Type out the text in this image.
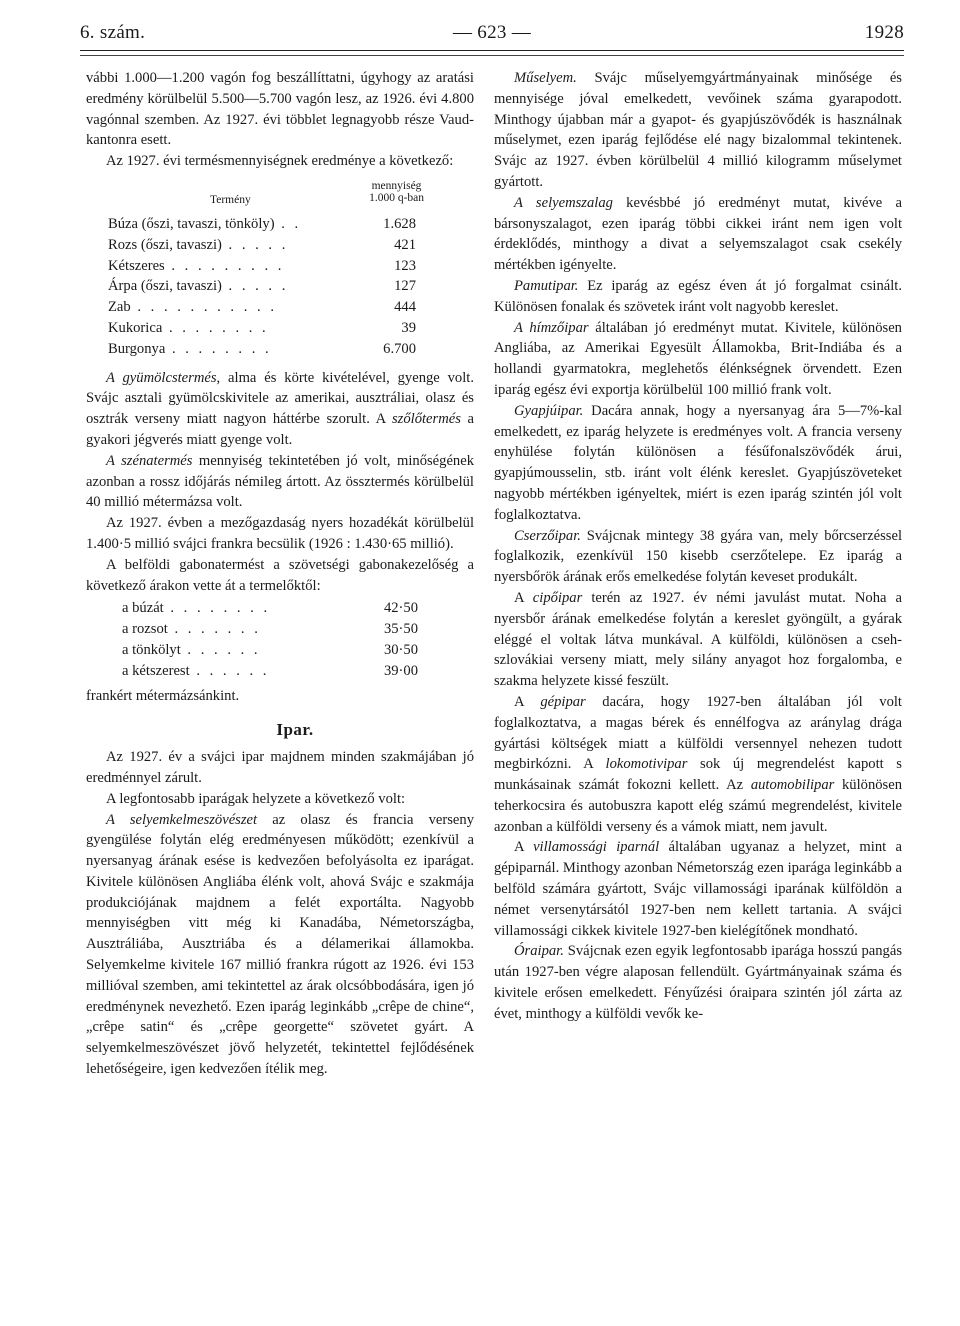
6. szám.	— 623 —	1928

vábbi 1.000—1.200 vagón fog beszállíttatni, úgyhogy az aratási eredmény körülbelül 5.500—5.700 vagón lesz, az 1926. évi 4.800 vagónnal szemben. Az 1927. évi többlet legnagyobb része Vaud-kantonra esett.

Az 1927. évi termésmennyiségnek eredménye a következő:

Termény
mennyiség
1.000 q-ban
Búza (őszi, tavaszi, tönköly) . .	1.628
Rozs (őszi, tavaszi) . . . . .	421
Kétszeres . . . . . . . . .	123
Árpa (őszi, tavaszi) . . . . .	127
Zab . . . . . . . . . . .	444
Kukorica . . . . . . . .	39
Burgonya . . . . . . . .	6.700

A gyümölcstermés, alma és körte kivételével, gyenge volt. Svájc asztali gyümölcskivitele az amerikai, ausztráliai, olasz és osztrák verseny miatt nagyon háttérbe szorult. A szőlőtermés a gyakori jégverés miatt gyenge volt.

A szénatermés mennyiség tekintetében jó volt, minőségének azonban a rossz időjárás némileg ártott. Az össztermés körülbelül 40 millió métermázsa volt.

Az 1927. évben a mezőgazdaság nyers hozadékát körülbelül 1.400·5 millió svájci frankra becsülik (1926 : 1.430·65 millió).

A belföldi gabonatermést a szövetségi gabonakezelőség a következő árakon vette át a termelőktől:

a búzát . . . . . . . .	42·50
a rozsot . . . . . . .	35·50
a tönkölyt . . . . . .	30·50
a kétszerest . . . . . .	39·00

frankért métermázsánkint.

Ipar.

Az 1927. év a svájci ipar majdnem minden szakmájában jó eredménnyel zárult.

A legfontosabb iparágak helyzete a következő volt:

A selyemkelmeszövészet az olasz és francia verseny gyengülése folytán elég eredményesen működött; ezenkívül a nyersanyag árának esése is kedvezően befolyásolta ez iparágat. Kivitele különösen Angliába élénk volt, ahová Svájc e szakmája produkciójának majdnem a felét exportálta. Nagyobb mennyiségben vitt még ki Kanadába, Németországba, Ausztráliába, Ausztriába és a délamerikai államokba. Selyemkelme kivitele 167 millió frankra rúgott az 1926. évi 153 millióval szemben, ami tekintettel az árak olcsóbbodására, igen jó eredménynek nevezhető. Ezen iparág leginkább „crêpe de chine“, „crêpe satin“ és „crêpe georgette“ szövetet gyárt. A selyemkelmeszövészet jövő helyzetét, tekintettel fejlődésének lehetőségeire, igen kedvezően ítélik meg.

Műselyem. Svájc műselyemgyártmányainak minősége és mennyisége jóval emelkedett, vevőinek száma gyarapodott. Minthogy újabban már a gyapot- és gyapjúszövődék is használnak műselymet, ezen iparág fejlődése elé nagy bizalommal tekintenek. Svájc az 1927. évben körülbelül 4 millió kilogramm műselymet gyártott.

A selyemszalag kevésbbé jó eredményt mutat, kivéve a bársonyszalagot, ezen iparág többi cikkei iránt nem igen volt érdeklődés, minthogy a divat a selyemszalagot csak csekély mértékben igényelte.

Pamutipar. Ez iparág az egész éven át jó forgalmat csinált. Különösen fonalak és szövetek iránt volt nagyobb kereslet.

A hímzőipar általában jó eredményt mutat. Kivitele, különösen Angliába, az Amerikai Egyesült Államokba, Brit-Indiába és a hollandi gyarmatokra, meglehetős élénkségnek örvendett. Ezen iparág egész évi exportja körülbelül 100 millió frank volt.

Gyapjúipar. Dacára annak, hogy a nyersanyag ára 5—7%-kal emelkedett, ez iparág helyzete is eredményes volt. A francia verseny enyhülése folytán különösen a fésűfonalszövődék árui, gyapjúmousselin, stb. iránt volt élénk kereslet. Gyapjúszöveteket nagyobb mértékben igényeltek, miért is ezen iparág szintén jól volt foglalkoztatva.

Cserzőipar. Svájcnak mintegy 38 gyára van, mely bőrcserzéssel foglalkozik, ezenkívül 150 kisebb cserzőtelepe. Ez iparág a nyersbőrök árának erős emelkedése folytán keveset produkált.

A cipőipar terén az 1927. év némi javulást mutat. Noha a nyersbőr árának emelkedése folytán a kereslet gyöngült, a gyárak eléggé el voltak látva munkával. A külföldi, különösen a cseh-szlovákiai verseny miatt, mely silány anyagot hoz forgalomba, e szakma helyzete kissé feszült.

A gépipar dacára, hogy 1927-ben általában jól volt foglalkoztatva, a magas bérek és ennélfogva az aránylag drága gyártási költségek miatt a külföldi versennyel nehezen tudott megbirkózni. A lokomotivipar sok új megrendelést kapott s munkásainak számát fokozni kellett. Az automobilipar különösen teherkocsira és autobuszra kapott elég számú megrendelést, kivitele azonban a külföldi verseny és a vámok miatt, nem javult.

A villamossági iparnál általában ugyanaz a helyzet, mint a gépiparnál. Minthogy azonban Németország ezen iparága leginkább a belföld számára gyártott, Svájc villamossági iparának külföldön a német versenytársától 1927-ben nem kellett tartania. A svájci villamossági cikkek kivitele 1927-ben kielégítőnek mondható.

Óraipar. Svájcnak ezen egyik legfontosabb iparága hosszú pangás után 1927-ben végre alaposan fellendült. Gyártmányainak száma és kivitele erősen emelkedett. Fényűzési óraipara szintén jól zárta az évet, minthogy a külföldi vevők ke-
